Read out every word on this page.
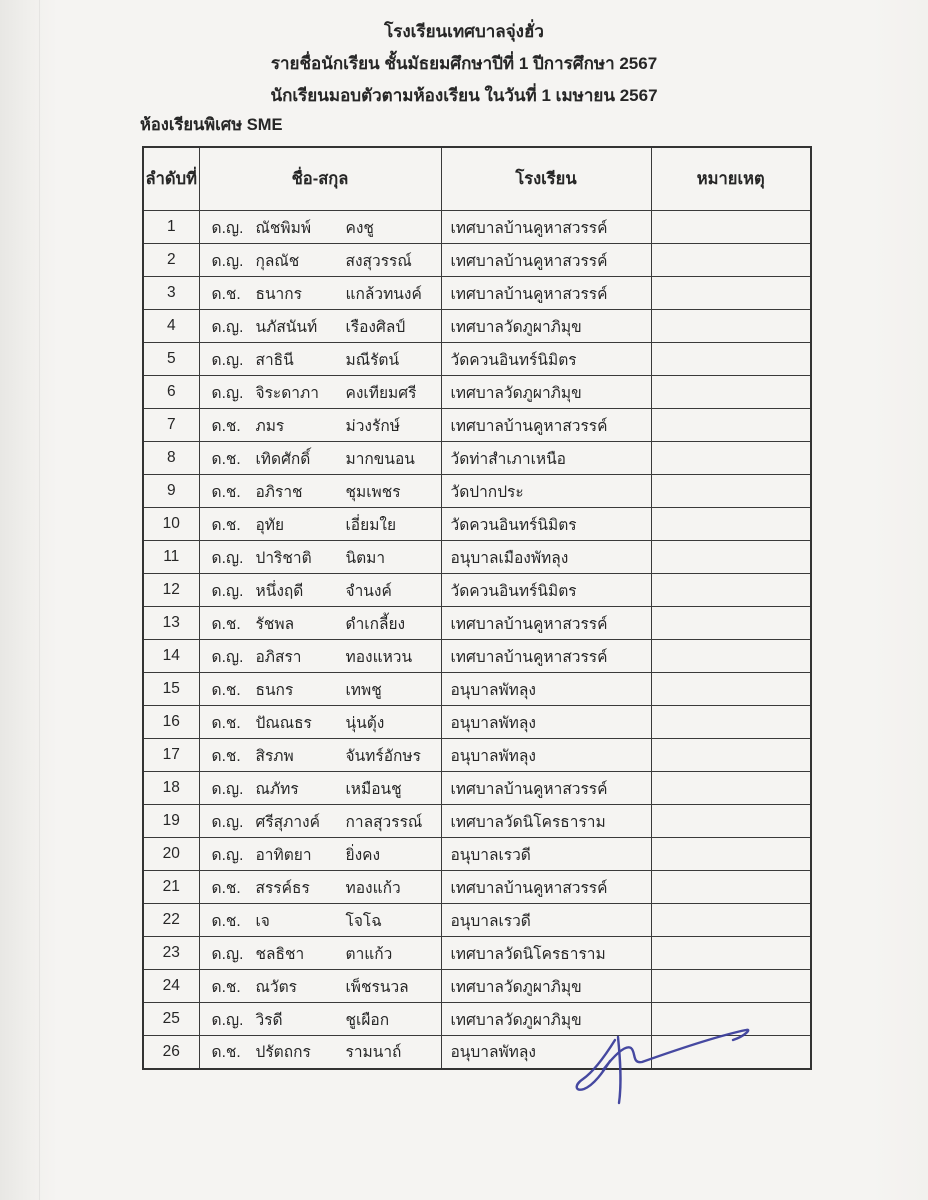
โรงเรียนเทศบาลจุ่งฮั่ว
รายชื่อนักเรียน ชั้นมัธยมศึกษาปีที่ 1 ปีการศึกษา 2567
นักเรียนมอบตัวตามห้องเรียน ในวันที่ 1 เมษายน 2567
ห้องเรียนพิเศษ SME
ลำดับที่	ชื่อ-สกุล	โรงเรียน	หมายเหตุ
1	ด.ญ. ณัชพิมพ์ คงชู	เทศบาลบ้านคูหาสวรรค์	
2	ด.ญ. กุลณัช สงสุวรรณ์	เทศบาลบ้านคูหาสวรรค์	
3	ด.ช. ธนากร แกล้วทนงค์	เทศบาลบ้านคูหาสวรรค์	
4	ด.ญ. นภัสนันท์ เรืองศิลป์	เทศบาลวัดภูผาภิมุข	
5	ด.ญ. สาธินี มณีรัตน์	วัดควนอินทร์นิมิตร	
6	ด.ญ. จิระดาภา คงเทียมศรี	เทศบาลวัดภูผาภิมุข	
7	ด.ช. ภมร ม่วงรักษ์	เทศบาลบ้านคูหาสวรรค์	
8	ด.ช. เทิดศักดิ์ มากขนอน	วัดท่าสำเภาเหนือ	
9	ด.ช. อภิราช ชุมเพชร	วัดปากประ	
10	ด.ช. อุทัย เอี่ยมใย	วัดควนอินทร์นิมิตร	
11	ด.ญ. ปาริชาติ นิตมา	อนุบาลเมืองพัทลุง	
12	ด.ญ. หนึ่งฤดี จำนงค์	วัดควนอินทร์นิมิตร	
13	ด.ช. รัชพล ดำเกลี้ยง	เทศบาลบ้านคูหาสวรรค์	
14	ด.ญ. อภิสรา ทองแหวน	เทศบาลบ้านคูหาสวรรค์	
15	ด.ช. ธนกร เทพชู	อนุบาลพัทลุง	
16	ด.ช. ปัณณธร นุ่นตุ้ง	อนุบาลพัทลุง	
17	ด.ช. สิรภพ จันทร์อักษร	อนุบาลพัทลุง	
18	ด.ญ. ณภัทร เหมือนชู	เทศบาลบ้านคูหาสวรรค์	
19	ด.ญ. ศรีสุภางค์ กาลสุวรรณ์	เทศบาลวัดนิโครธาราม	
20	ด.ญ. อาทิตยา ยิ่งคง	อนุบาลเรวดี	
21	ด.ช. สรรค์ธร ทองแก้ว	เทศบาลบ้านคูหาสวรรค์	
22	ด.ช. เจ โจโฉ	อนุบาลเรวดี	
23	ด.ญ. ชลธิชา ตาแก้ว	เทศบาลวัดนิโครธาราม	
24	ด.ช. ณวัตร เพ็ชรนวล	เทศบาลวัดภูผาภิมุข	
25	ด.ญ. วิรดี ชูเผือก	เทศบาลวัดภูผาภิมุข	
26	ด.ช. ปรัตถกร รามนาถ์	อนุบาลพัทลุง	
